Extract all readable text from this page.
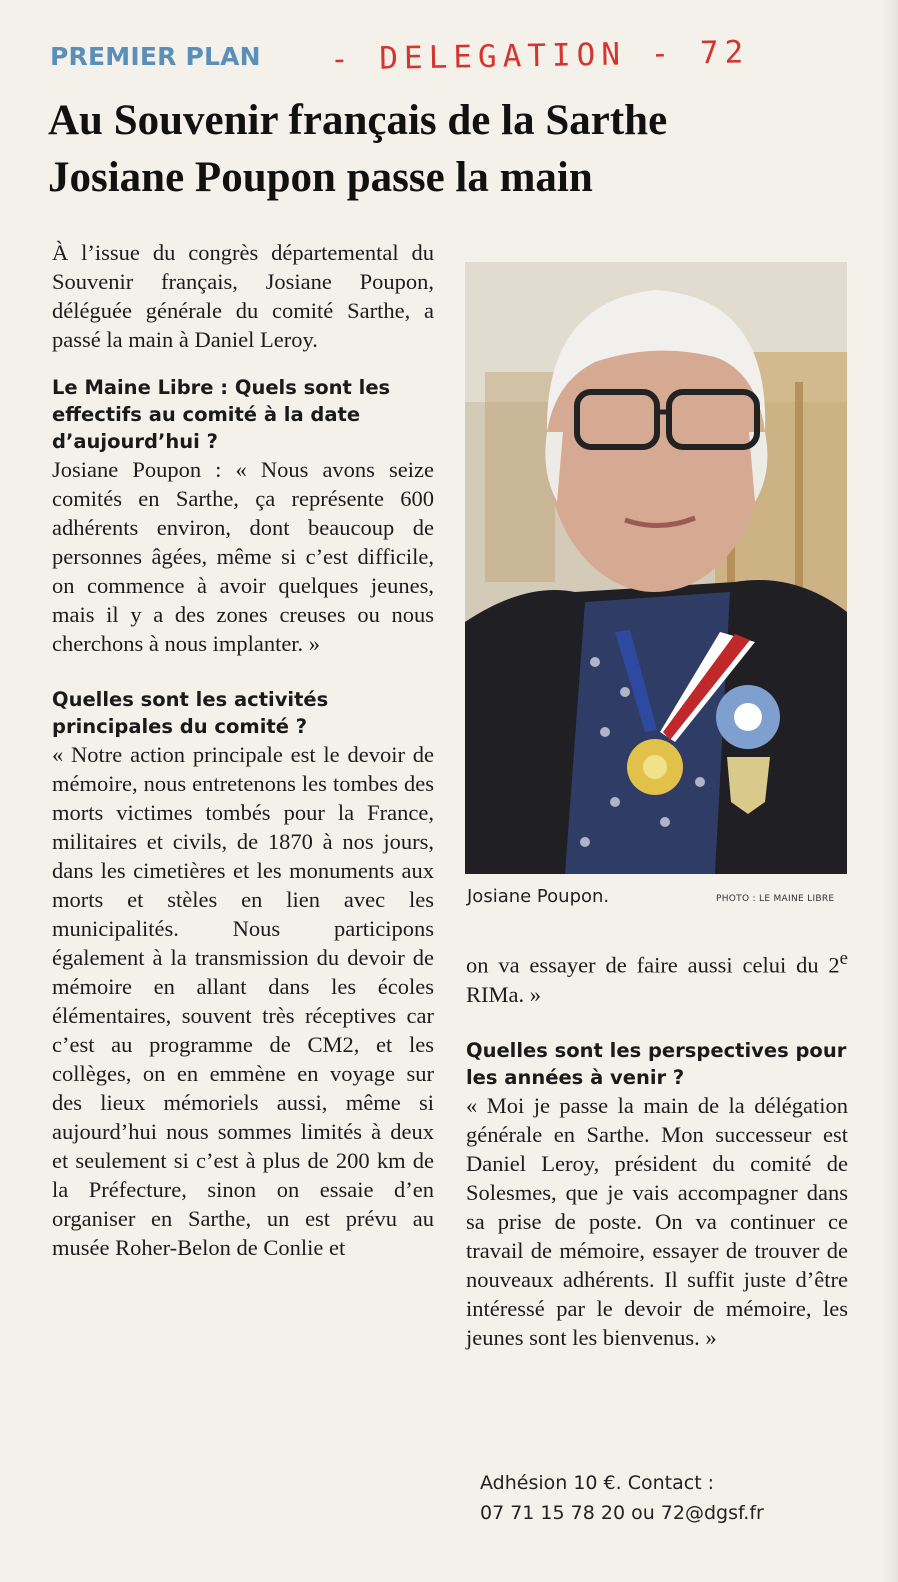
PREMIER PLAN - DELEGATION - 72
Au Souvenir français de la Sarthe
Josiane Poupon passe la main

À l’issue du congrès départemental du Souvenir français, Josiane Poupon, déléguée générale du comité Sarthe, a passé la main à Daniel Leroy.

Le Maine Libre : Quels sont les effectifs au comité à la date d’aujourd’hui ?

Josiane Poupon : « Nous avons seize comités en Sarthe, ça représente 600 adhérents environ, dont beaucoup de personnes âgées, même si c’est difficile, on commence à avoir quelques jeunes, mais il y a des zones creuses ou nous cherchons à nous implanter. »

Quelles sont les activités principales du comité ?

« Notre action principale est le devoir de mémoire, nous entretenons les tombes des morts victimes tombés pour la France, militaires et civils, de 1870 à nos jours, dans les cimetières et les monuments aux morts et stèles en lien avec les municipalités. Nous participons également à la transmission du devoir de mémoire en allant dans les écoles élémentaires, souvent très réceptives car c’est au programme de CM2, et les collèges, on en emmène en voyage sur des lieux mémoriels aussi, même si aujourd’hui nous sommes limités à deux et seulement si c’est à plus de 200 km de la Préfecture, sinon on essaie d’en organiser en Sarthe, un est prévu au musée Roher-Belon de Conlie et

Josiane Poupon.	PHOTO : LE MAINE LIBRE

on va essayer de faire aussi celui du 2e RIMa. »

Quelles sont les perspectives pour les années à venir ?

« Moi je passe la main de la délégation générale en Sarthe. Mon successeur est Daniel Leroy, président du comité de Solesmes, que je vais accompagner dans sa prise de poste. On va continuer ce travail de mémoire, essayer de trouver de nouveaux adhérents. Il suffit juste d’être intéressé par le devoir de mémoire, les jeunes sont les bienvenus. »

Adhésion 10 €. Contact :
07 71 15 78 20 ou 72@dgsf.fr
